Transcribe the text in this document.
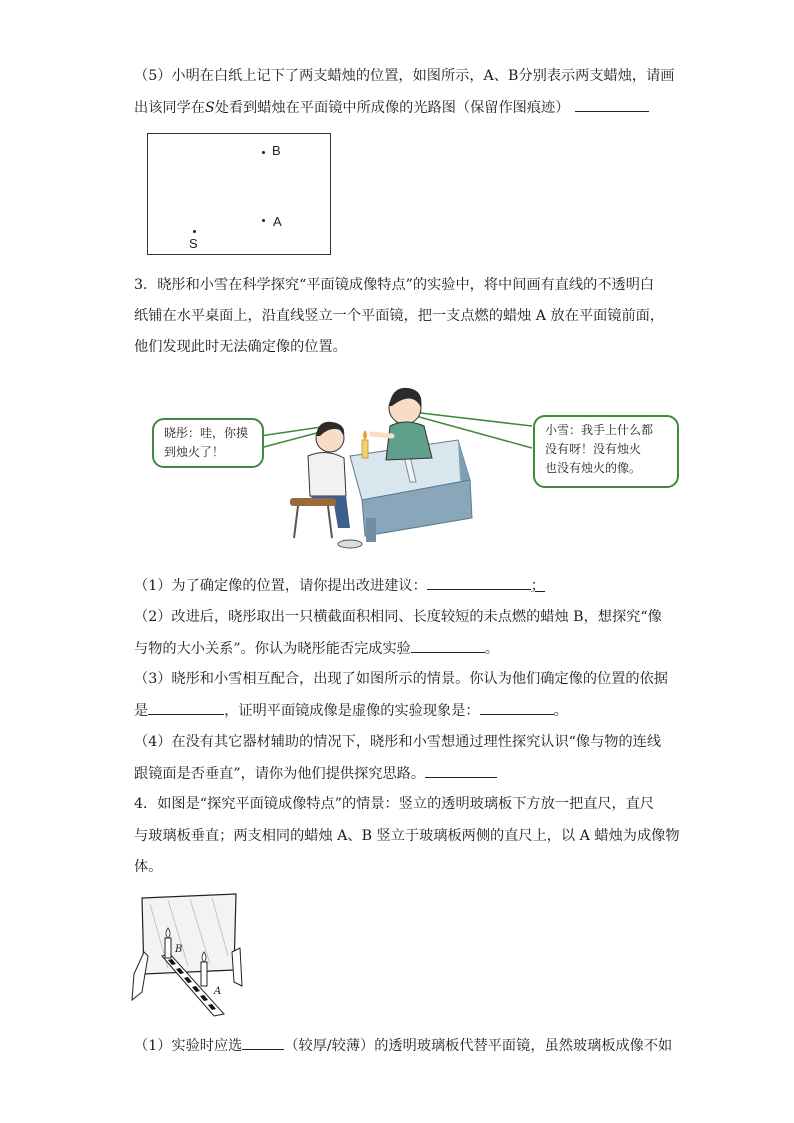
（5）小明在白纸上记下了两支蜡烛的位置，如图所示，A、B分别表示两支蜡烛，请画
出该同学在S处看到蜡烛在平面镜中所成像的光路图（保留作图痕迹）
B
A
S
3．晓彤和小雪在科学探究“平面镜成像特点”的实验中，将中间画有直线的不透明白
纸铺在水平桌面上，沿直线竖立一个平面镜，把一支点燃的蜡烛 A 放在平面镜前面，
他们发现此时无法确定像的位置。
晓彤：哇，你摸
到烛火了！
小雪：我手上什么都
没有呀！没有烛火
也没有烛火的像。
（1）为了确定像的位置，请你提出改进建议：	；
（2）改进后，晓彤取出一只横截面积相同、长度较短的未点燃的蜡烛 B，想探究“像
与物的大小关系”。你认为晓彤能否完成实验	。
（3）晓彤和小雪相互配合，出现了如图所示的情景。你认为他们确定像的位置的依据
是	，证明平面镜成像是虚像的实验现象是：	。
（4）在没有其它器材辅助的情况下，晓彤和小雪想通过理性探究认识“像与物的连线
跟镜面是否垂直”，请你为他们提供探究思路。
4．如图是“探究平面镜成像特点”的情景：竖立的透明玻璃板下方放一把直尺，直尺
与玻璃板垂直；两支相同的蜡烛 A、B 竖立于玻璃板两侧的直尺上，以 A 蜡烛为成像物
体。
B
A
（1）实验时应选	（较厚/较薄）的透明玻璃板代替平面镜，虽然玻璃板成像不如
